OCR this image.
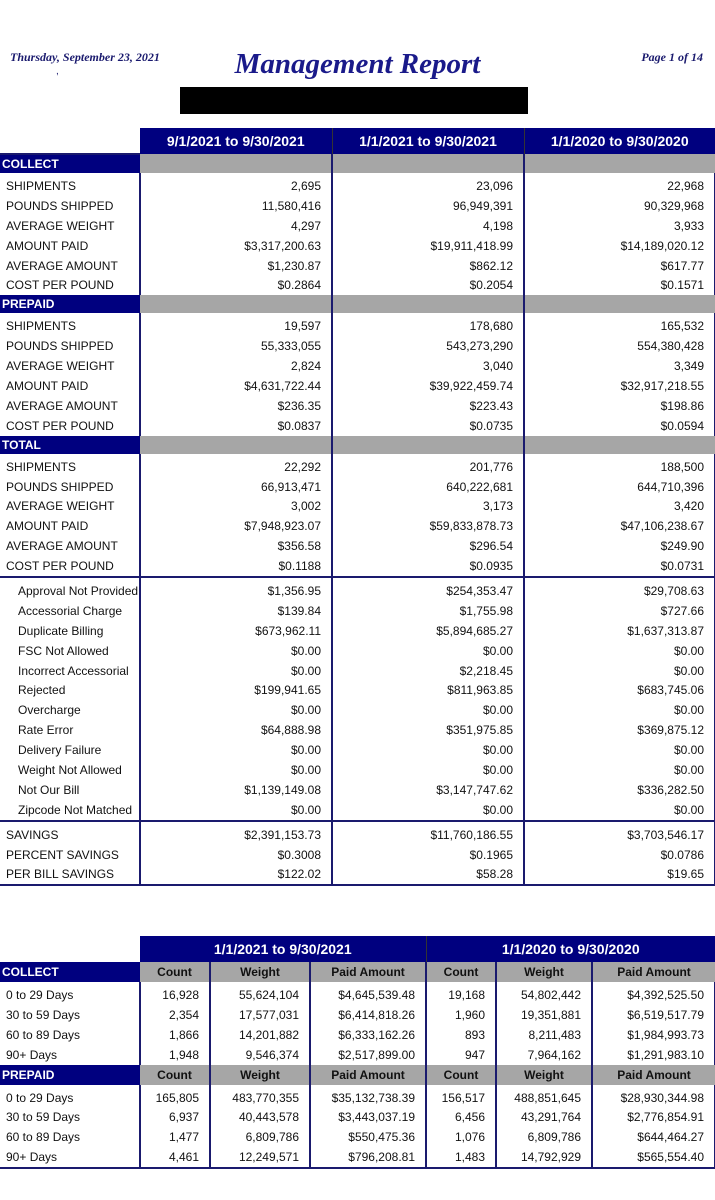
Thursday, September 23, 2021
,	Management Report	Page 1 of 14
	9/1/2021 to 9/30/2021	1/1/2021 to 9/30/2021	1/1/2020 to 9/30/2020
COLLECT			
SHIPMENTS	2,695	23,096	22,968
POUNDS SHIPPED	11,580,416	96,949,391	90,329,968
AVERAGE WEIGHT	4,297	4,198	3,933
AMOUNT PAID	$3,317,200.63	$19,911,418.99	$14,189,020.12
AVERAGE AMOUNT	$1,230.87	$862.12	$617.77
COST PER POUND	$0.2864	$0.2054	$0.1571
PREPAID			
SHIPMENTS	19,597	178,680	165,532
POUNDS SHIPPED	55,333,055	543,273,290	554,380,428
AVERAGE WEIGHT	2,824	3,040	3,349
AMOUNT PAID	$4,631,722.44	$39,922,459.74	$32,917,218.55
AVERAGE AMOUNT	$236.35	$223.43	$198.86
COST PER POUND	$0.0837	$0.0735	$0.0594
TOTAL			
SHIPMENTS	22,292	201,776	188,500
POUNDS SHIPPED	66,913,471	640,222,681	644,710,396
AVERAGE WEIGHT	3,002	3,173	3,420
AMOUNT PAID	$7,948,923.07	$59,833,878.73	$47,106,238.67
AVERAGE AMOUNT	$356.58	$296.54	$249.90
COST PER POUND	$0.1188	$0.0935	$0.0731
Approval Not Provided	$1,356.95	$254,353.47	$29,708.63
Accessorial Charge	$139.84	$1,755.98	$727.66
Duplicate Billing	$673,962.11	$5,894,685.27	$1,637,313.87
FSC Not Allowed	$0.00	$0.00	$0.00
Incorrect Accessorial	$0.00	$2,218.45	$0.00
Rejected	$199,941.65	$811,963.85	$683,745.06
Overcharge	$0.00	$0.00	$0.00
Rate Error	$64,888.98	$351,975.85	$369,875.12
Delivery Failure	$0.00	$0.00	$0.00
Weight Not Allowed	$0.00	$0.00	$0.00
Not Our Bill	$1,139,149.08	$3,147,747.62	$336,282.50
Zipcode Not Matched	$0.00	$0.00	$0.00
SAVINGS	$2,391,153.73	$11,760,186.55	$3,703,546.17
PERCENT SAVINGS	$0.3008	$0.1965	$0.0786
PER BILL SAVINGS	$122.02	$58.28	$19.65
	1/1/2021 to 9/30/2021			1/1/2020 to 9/30/2020		
COLLECT	Count	Weight	Paid Amount	Count	Weight	Paid Amount
0 to 29 Days	16,928	55,624,104	$4,645,539.48	19,168	54,802,442	$4,392,525.50
30 to 59 Days	2,354	17,577,031	$6,414,818.26	1,960	19,351,881	$6,519,517.79
60 to 89 Days	1,866	14,201,882	$6,333,162.26	893	8,211,483	$1,984,993.73
90+ Days	1,948	9,546,374	$2,517,899.00	947	7,964,162	$1,291,983.10
PREPAID	Count	Weight	Paid Amount	Count	Weight	Paid Amount
0 to 29 Days	165,805	483,770,355	$35,132,738.39	156,517	488,851,645	$28,930,344.98
30 to 59 Days	6,937	40,443,578	$3,443,037.19	6,456	43,291,764	$2,776,854.91
60 to 89 Days	1,477	6,809,786	$550,475.36	1,076	6,809,786	$644,464.27
90+ Days	4,461	12,249,571	$796,208.81	1,483	14,792,929	$565,554.40
